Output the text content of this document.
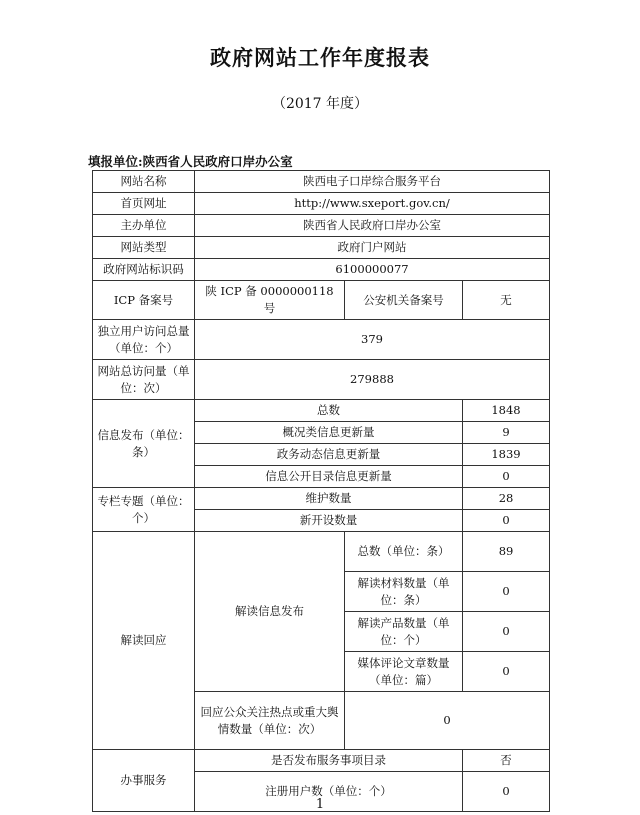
政府网站工作年度报表
（2017 年度）
填报单位:陕西省人民政府口岸办公室
网站名称	陕西电子口岸综合服务平台		
首页网址	http://www.sxeport.gov.cn/		
主办单位	陕西省人民政府口岸办公室		
网站类型	政府门户网站		
政府网站标识码	6100000077		
ICP 备案号	陕 ICP 备 0000000118 号	公安机关备案号	无
独立用户访问总量（单位：个）	379		
网站总访问量（单位：次）	279888		
信息发布（单位：条）	总数		1848
	概况类信息更新量		9
	政务动态信息更新量		1839
	信息公开目录信息更新量		0
专栏专题（单位：个）	维护数量		28
	新开设数量		0
解读回应	解读信息发布	总数（单位：条）	89
		解读材料数量（单位：条）	0
		解读产品数量（单位：个）	0
		媒体评论文章数量（单位：篇）	0
	回应公众关注热点或重大舆情数量（单位：次）	0	
办事服务	是否发布服务事项目录		否
	注册用户数（单位：个）		0
1
